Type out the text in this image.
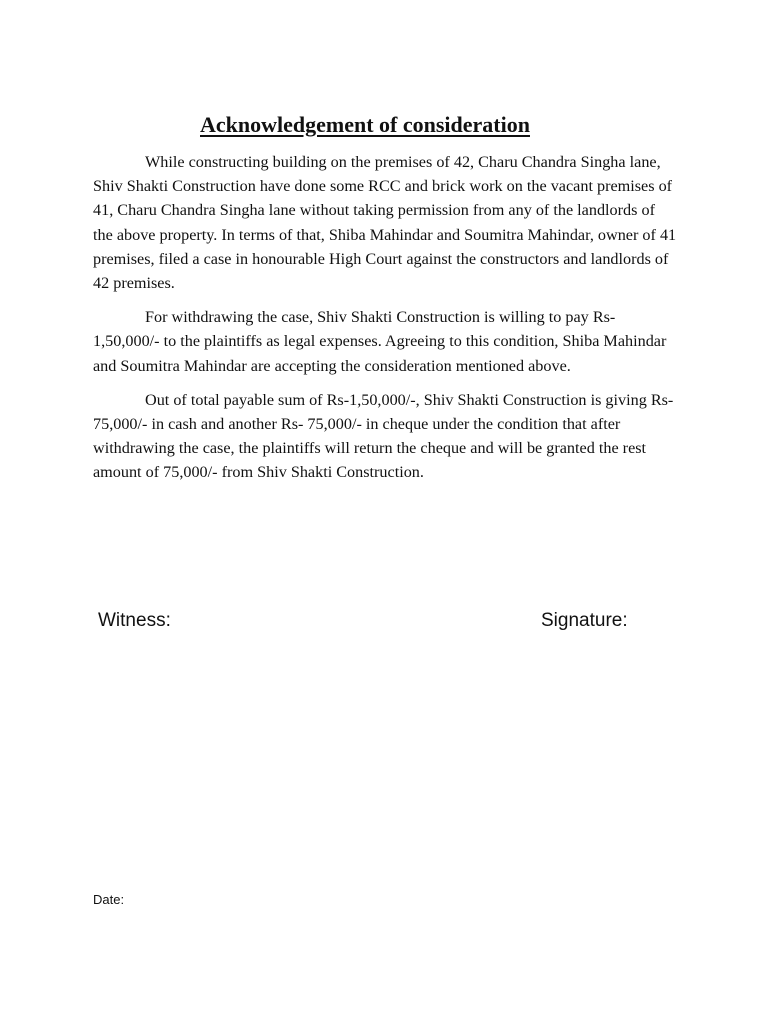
Acknowledgement of consideration

While constructing building on the premises of 42, Charu Chandra Singha lane, Shiv Shakti Construction have done some RCC and brick work on the vacant premises of 41, Charu Chandra Singha lane without taking permission from any of the landlords of the above property. In terms of that, Shiba Mahindar and Soumitra Mahindar, owner of 41 premises, filed a case in honourable High Court against the constructors and landlords of 42 premises.

For withdrawing the case, Shiv Shakti Construction is willing to pay Rs-1,50,000/- to the plaintiffs as legal expenses. Agreeing to this condition, Shiba Mahindar and Soumitra Mahindar are accepting the consideration mentioned above.

Out of total payable sum of Rs-1,50,000/-, Shiv Shakti Construction is giving Rs- 75,000/- in cash and another Rs- 75,000/- in cheque under the condition that after withdrawing the case, the plaintiffs will return the cheque and will be granted the rest amount of 75,000/- from Shiv Shakti Construction.

Witness:	Signature:
Date:
